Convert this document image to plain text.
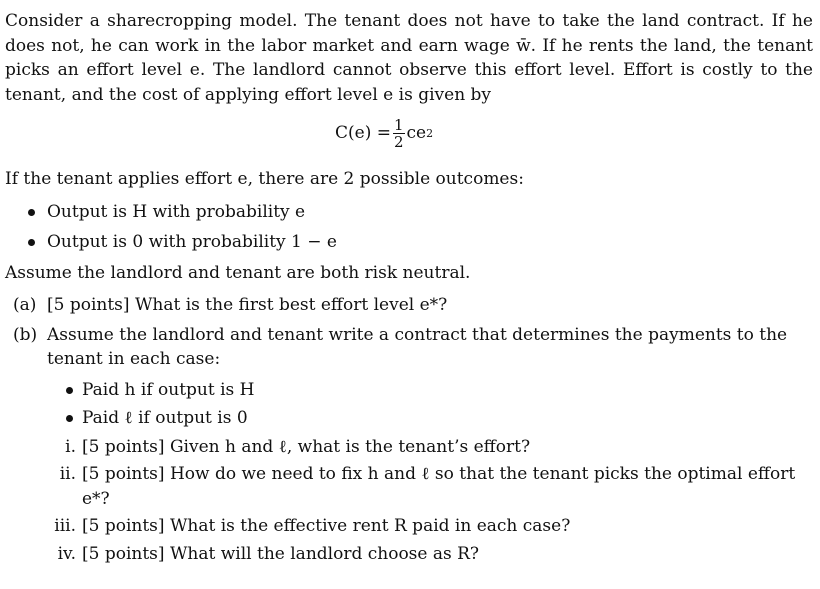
Consider a sharecropping model. The tenant does not have to take the land contract. If he does not, he can work in the labor market and earn wage w̄. If he rents the land, the tenant picks an effort level e. The landlord cannot observe this effort level. Effort is costly to the tenant, and the cost of applying effort level e is given by

$C(e) = \frac{1}{2}$ ce 2

If the tenant applies effort e, there are 2 possible outcomes:

Output is H with probability e
Output is 0 with probability 1 − e

Assume the landlord and tenant are both risk neutral.

(a) [5 points] What is the first best effort level e*?
(b) Assume the landlord and tenant write a contract that determines the payments to the tenant in each case:
Paid h if output is H
Paid ℓ if output is 0
i. [5 points] Given h and ℓ, what is the tenant’s effort?
ii. [5 points] How do we need to fix h and ℓ so that the tenant picks the optimal effort e*?
iii. [5 points] What is the effective rent R paid in each case?
iv. [5 points] What will the landlord choose as R?
